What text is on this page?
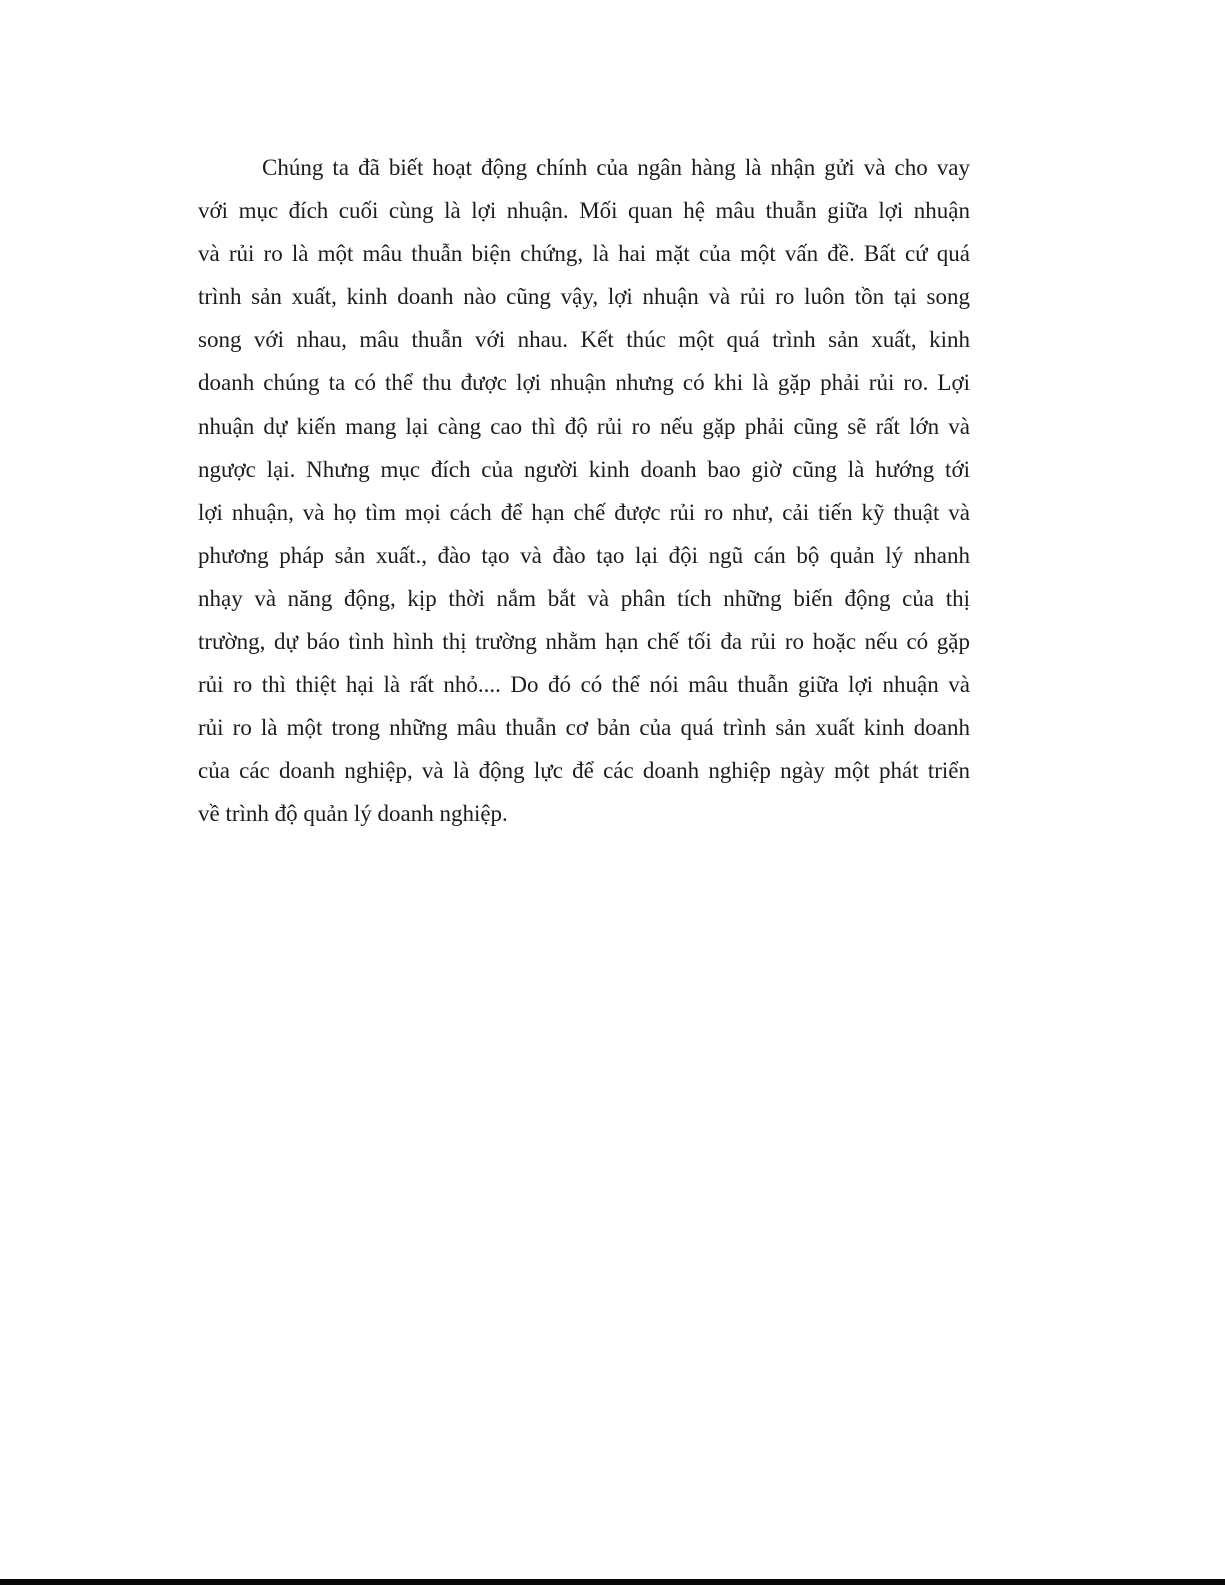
Chúng ta đã biết hoạt động chính của ngân hàng là nhận gửi và cho vay
với mục đích cuối cùng là lợi nhuận. Mối quan hệ mâu thuẫn giữa lợi nhuận
và rủi ro là một mâu thuẫn biện chứng, là hai mặt của một vấn đề. Bất cứ quá
trình sản xuất, kinh doanh nào cũng vậy, lợi nhuận và rủi ro luôn tồn tại song
song với nhau, mâu thuẫn với nhau. Kết thúc một quá trình sản xuất, kinh
doanh chúng ta có thể thu được lợi nhuận nhưng có khi là gặp phải rủi ro. Lợi
nhuận dự kiến mang lại càng cao thì độ rủi ro nếu gặp phải cũng sẽ rất lớn và
ngược lại. Nhưng mục đích của người kinh doanh bao giờ cũng là hướng tới
lợi nhuận, và họ tìm mọi cách để hạn chế được rủi ro như, cải tiến kỹ thuật và
phương pháp sản xuất., đào tạo và đào tạo lại đội ngũ cán bộ quản lý nhanh
nhạy và năng động, kịp thời nắm bắt và phân tích những biến động của thị
trường, dự báo tình hình thị trường nhằm hạn chế tối đa rủi ro hoặc nếu có gặp
rủi ro thì thiệt hại là rất nhỏ.... Do đó có thể nói mâu thuẫn giữa lợi nhuận và
rủi ro là một trong những mâu thuẫn cơ bản của quá trình sản xuất kinh doanh
của các doanh nghiệp, và là động lực để các doanh nghiệp ngày một phát triển
về trình độ quản lý doanh nghiệp.
